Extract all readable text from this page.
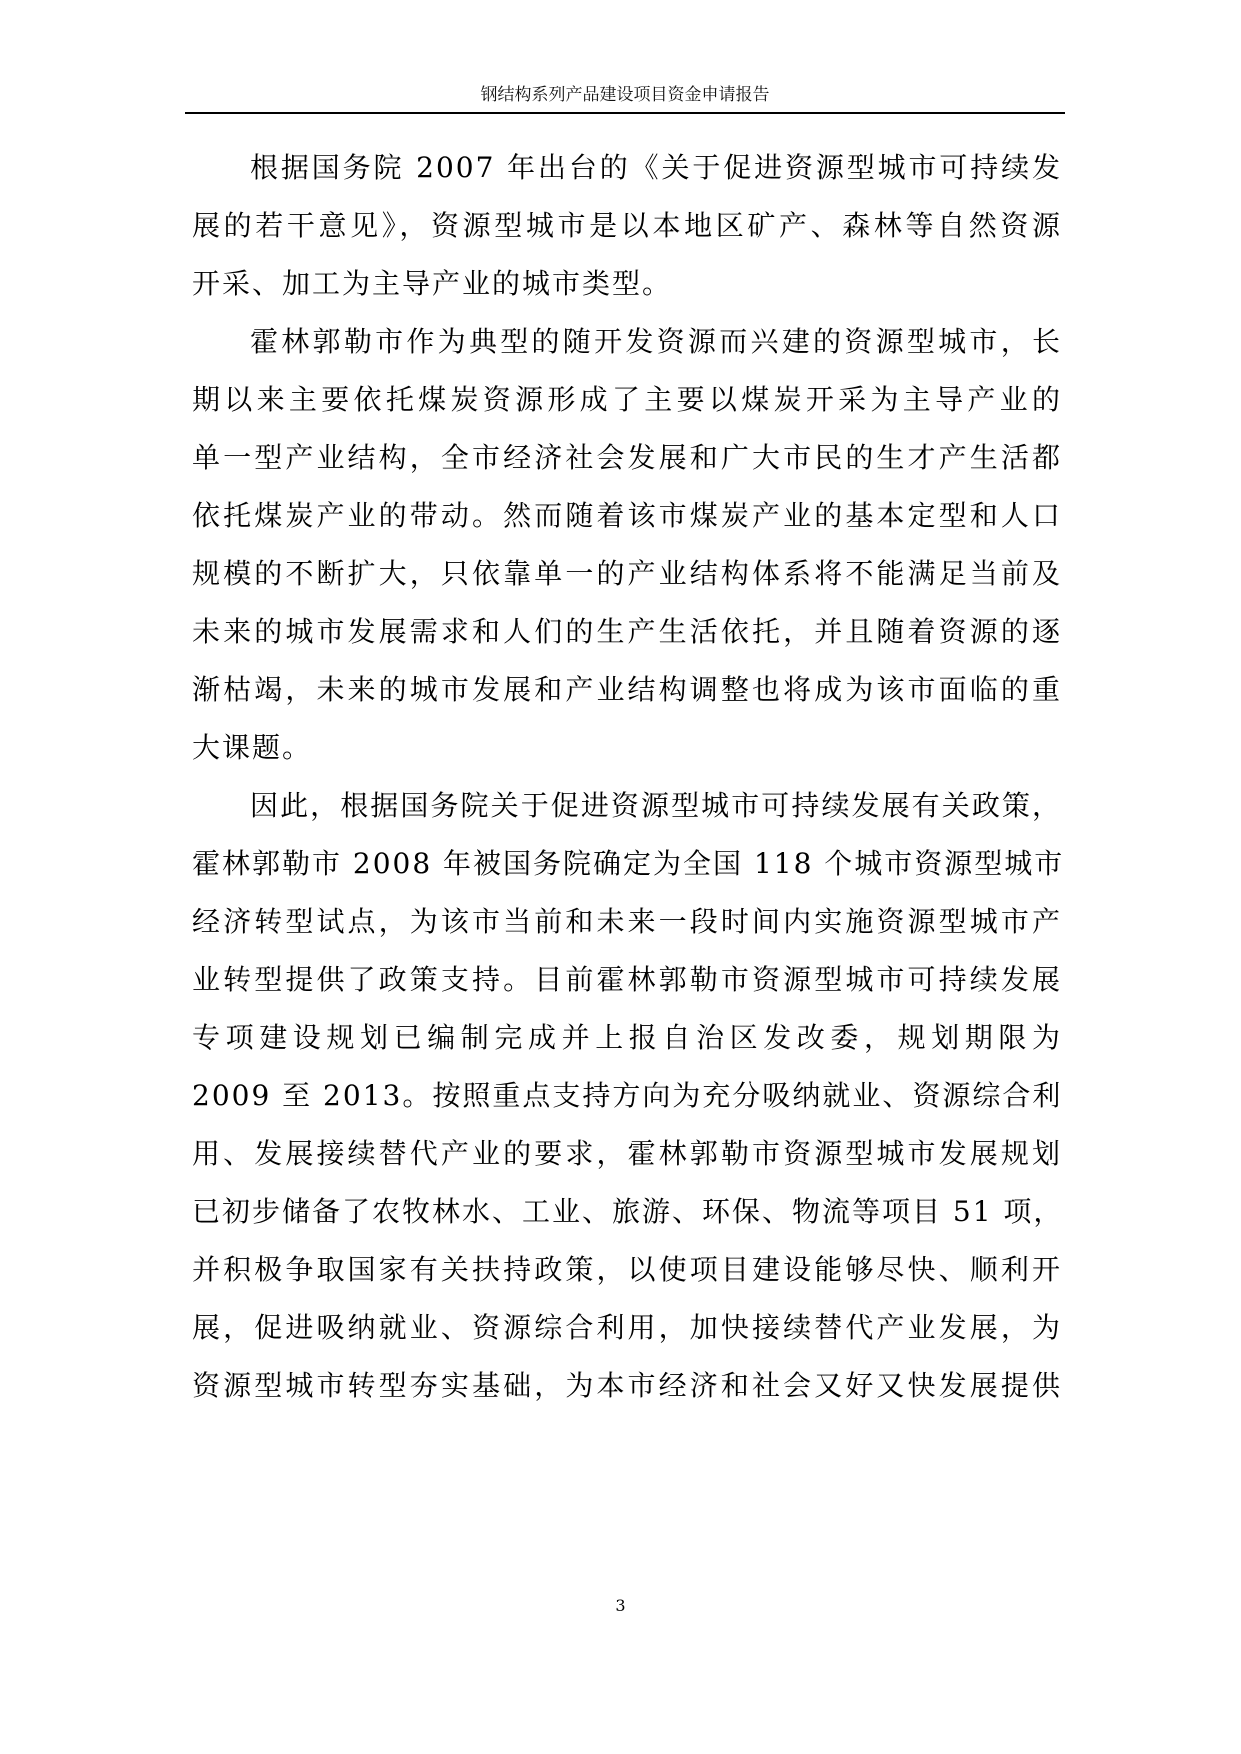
钢结构系列产品建设项目资金申请报告
根据国务院 2007 年出台的《关于促进资源型城市可持续发
展的若干意见》，资源型城市是以本地区矿产、森林等自然资源
开采、加工为主导产业的城市类型。
霍林郭勒市作为典型的随开发资源而兴建的资源型城市，长
期以来主要依托煤炭资源形成了主要以煤炭开采为主导产业的
单一型产业结构，全市经济社会发展和广大市民的生才产生活都
依托煤炭产业的带动。然而随着该市煤炭产业的基本定型和人口
规模的不断扩大，只依靠单一的产业结构体系将不能满足当前及
未来的城市发展需求和人们的生产生活依托，并且随着资源的逐
渐枯竭，未来的城市发展和产业结构调整也将成为该市面临的重
大课题。
因此，根据国务院关于促进资源型城市可持续发展有关政策，
霍林郭勒市 2008 年被国务院确定为全国 118 个城市资源型城市
经济转型试点，为该市当前和未来一段时间内实施资源型城市产
业转型提供了政策支持。目前霍林郭勒市资源型城市可持续发展
专项建设规划已编制完成并上报自治区发改委，规划期限为
2009 至 2013。按照重点支持方向为充分吸纳就业、资源综合利
用、发展接续替代产业的要求，霍林郭勒市资源型城市发展规划
已初步储备了农牧林水、工业、旅游、环保、物流等项目 51 项，
并积极争取国家有关扶持政策，以使项目建设能够尽快、顺利开
展，促进吸纳就业、资源综合利用，加快接续替代产业发展，为
资源型城市转型夯实基础，为本市经济和社会又好又快发展提供
3
